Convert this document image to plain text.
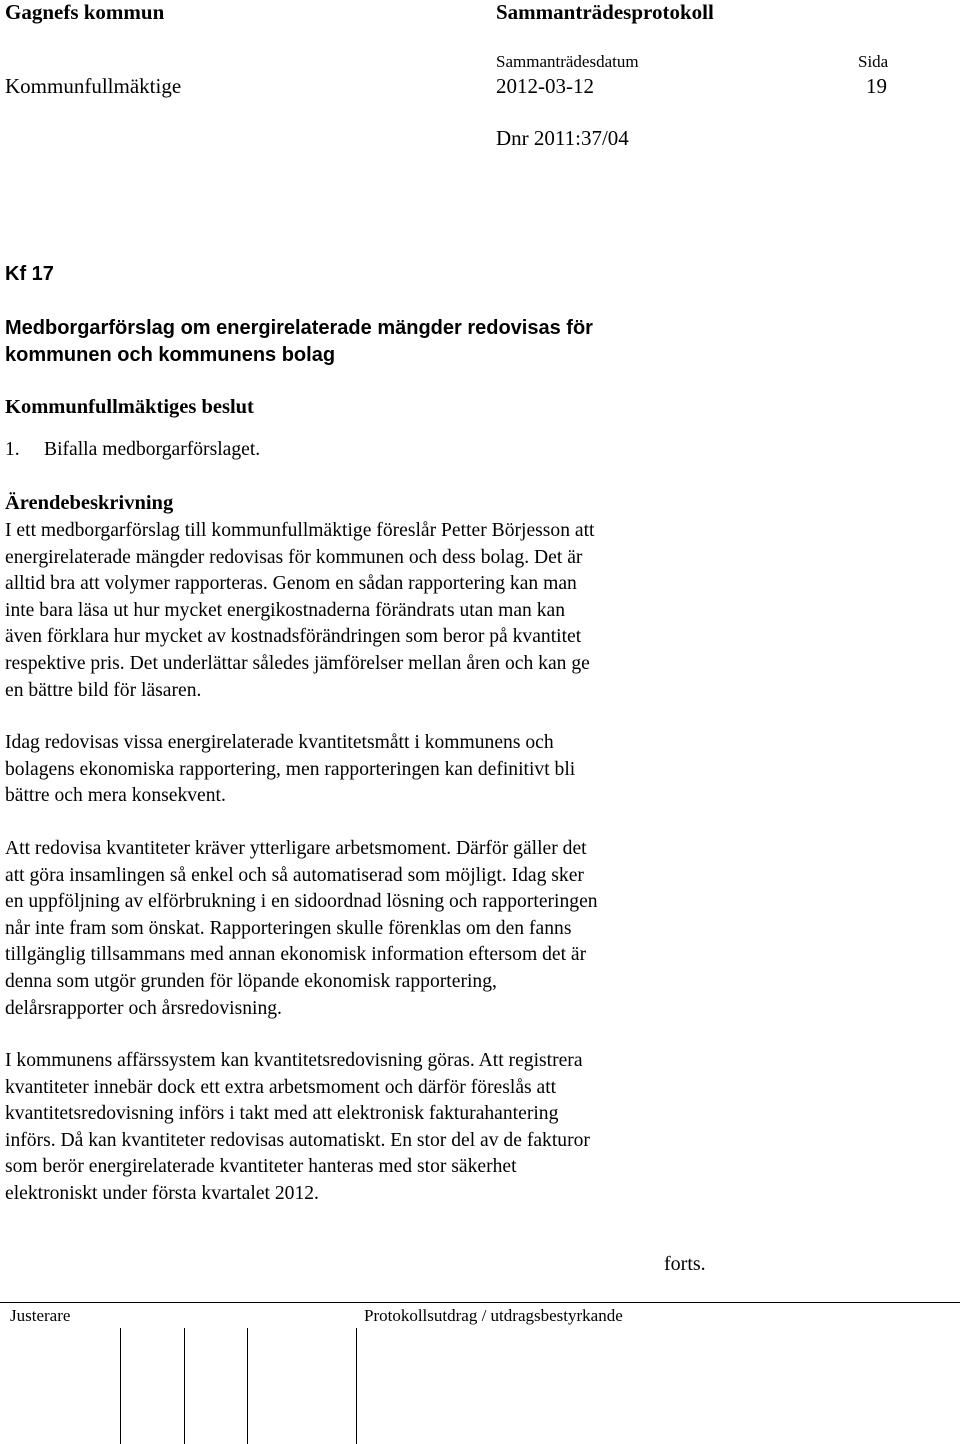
Gagnefs kommun	Sammanträdesprotokoll
Sammanträdesdatum	Sida
Kommunfullmäktige	2012-03-12	19
Dnr 2011:37/04
Kf 17
Medborgarförslag om energirelaterade mängder redovisas för
kommunen och kommunens bolag
Kommunfullmäktiges beslut
1. Bifalla medborgarförslaget.
Ärendebeskrivning
I ett medborgarförslag till kommunfullmäktige föreslår Petter Börjesson att
energirelaterade mängder redovisas för kommunen och dess bolag. Det är
alltid bra att volymer rapporteras. Genom en sådan rapportering kan man
inte bara läsa ut hur mycket energikostnaderna förändrats utan man kan
även förklara hur mycket av kostnadsförändringen som beror på kvantitet
respektive pris. Det underlättar således jämförelser mellan åren och kan ge
en bättre bild för läsaren.
Idag redovisas vissa energirelaterade kvantitetsmått i kommunens och
bolagens ekonomiska rapportering, men rapporteringen kan definitivt bli
bättre och mera konsekvent.
Att redovisa kvantiteter kräver ytterligare arbetsmoment. Därför gäller det
att göra insamlingen så enkel och så automatiserad som möjligt. Idag sker
en uppföljning av elförbrukning i en sidoordnad lösning och rapporteringen
når inte fram som önskat. Rapporteringen skulle förenklas om den fanns
tillgänglig tillsammans med annan ekonomisk information eftersom det är
denna som utgör grunden för löpande ekonomisk rapportering,
delårsrapporter och årsredovisning.
I kommunens affärssystem kan kvantitetsredovisning göras. Att registrera
kvantiteter innebär dock ett extra arbetsmoment och därför föreslås att
kvantitetsredovisning införs i takt med att elektronisk fakturahantering
införs. Då kan kvantiteter redovisas automatiskt. En stor del av de fakturor
som berör energirelaterade kvantiteter hanteras med stor säkerhet
elektroniskt under första kvartalet 2012.
forts.
Justerare	Protokollsutdrag / utdragsbestyrkande
